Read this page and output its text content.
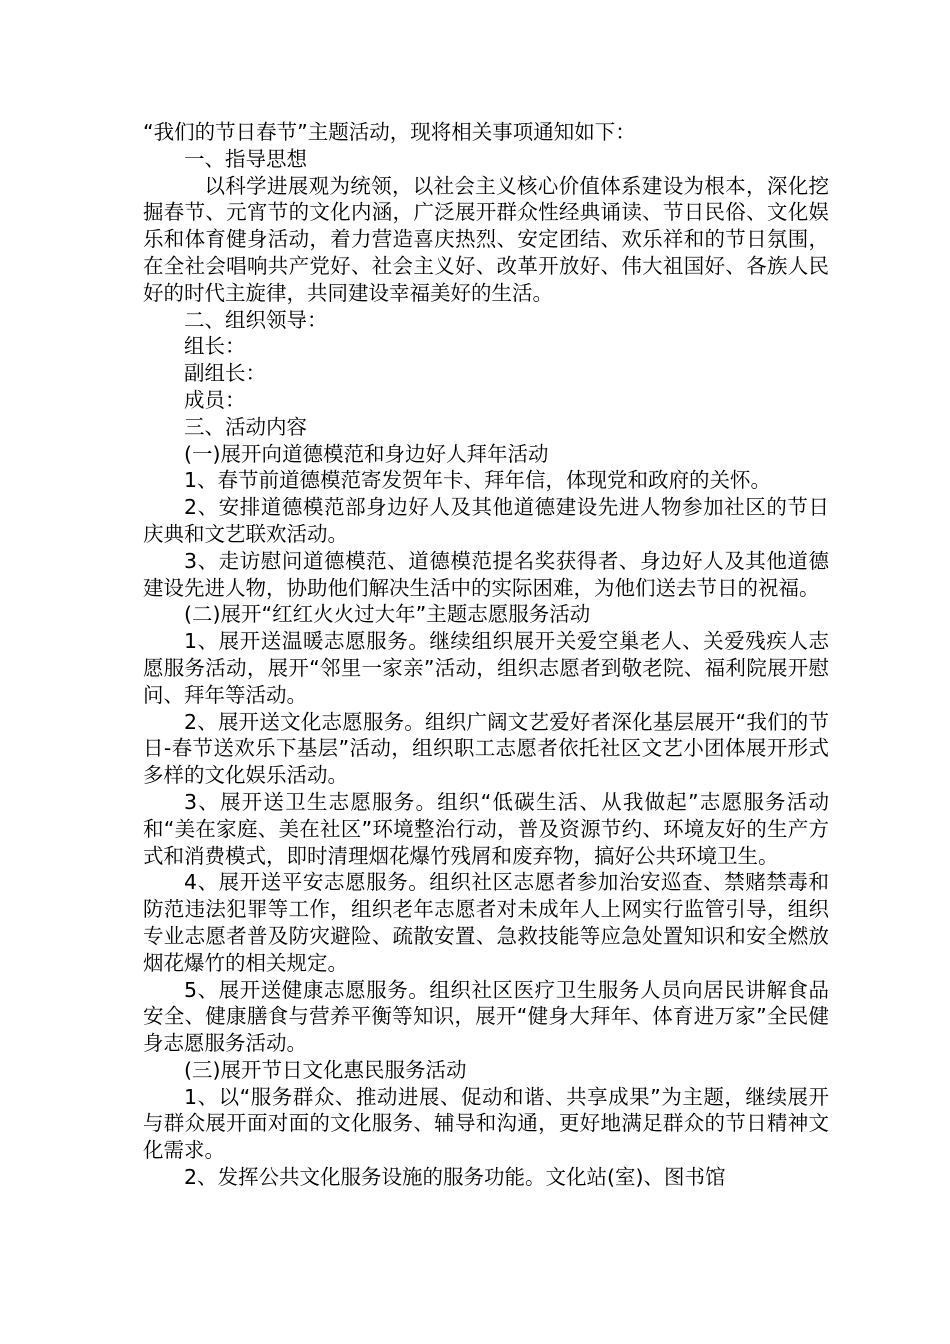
“我们的节日春节”主题活动，现将相关事项通知如下：

一、指导思想

以科学进展观为统领，以社会主义核心价值体系建设为根本，深化挖掘春节、元宵节的文化内涵，广泛展开群众性经典诵读、节日民俗、文化娱乐和体育健身活动，着力营造喜庆热烈、安定团结、欢乐祥和的节日氛围，在全社会唱响共产党好、社会主义好、改革开放好、伟大祖国好、各族人民好的时代主旋律，共同建设幸福美好的生活。

二、组织领导：

组长：

副组长：

成员：

三、活动内容

(一)展开向道德模范和身边好人拜年活动

1、春节前道德模范寄发贺年卡、拜年信，体现党和政府的关怀。

2、安排道德模范部身边好人及其他道德建设先进人物参加社区的节日庆典和文艺联欢活动。

3、走访慰问道德模范、道德模范提名奖获得者、身边好人及其他道德建设先进人物，协助他们解决生活中的实际困难，为他们送去节日的祝福。

(二)展开“红红火火过大年”主题志愿服务活动

1、展开送温暖志愿服务。继续组织展开关爱空巢老人、关爱残疾人志愿服务活动，展开“邻里一家亲”活动，组织志愿者到敬老院、福利院展开慰问、拜年等活动。

2、展开送文化志愿服务。组织广阔文艺爱好者深化基层展开“我们的节日-春节送欢乐下基层”活动，组织职工志愿者依托社区文艺小团体展开形式多样的文化娱乐活动。

3、展开送卫生志愿服务。组织“低碳生活、从我做起”志愿服务活动和“美在家庭、美在社区”环境整治行动，普及资源节约、环境友好的生产方式和消费模式，即时清理烟花爆竹残屑和废弃物，搞好公共环境卫生。

4、展开送平安志愿服务。组织社区志愿者参加治安巡查、禁赌禁毒和防范违法犯罪等工作，组织老年志愿者对未成年人上网实行监管引导，组织专业志愿者普及防灾避险、疏散安置、急救技能等应急处置知识和安全燃放烟花爆竹的相关规定。

5、展开送健康志愿服务。组织社区医疗卫生服务人员向居民讲解食品安全、健康膳食与营养平衡等知识，展开“健身大拜年、体育进万家”全民健身志愿服务活动。

(三)展开节日文化惠民服务活动

1、以“服务群众、推动进展、促动和谐、共享成果”为主题，继续展开与群众展开面对面的文化服务、辅导和沟通，更好地满足群众的节日精神文化需求。

2、发挥公共文化服务设施的服务功能。文化站(室)、图书馆
